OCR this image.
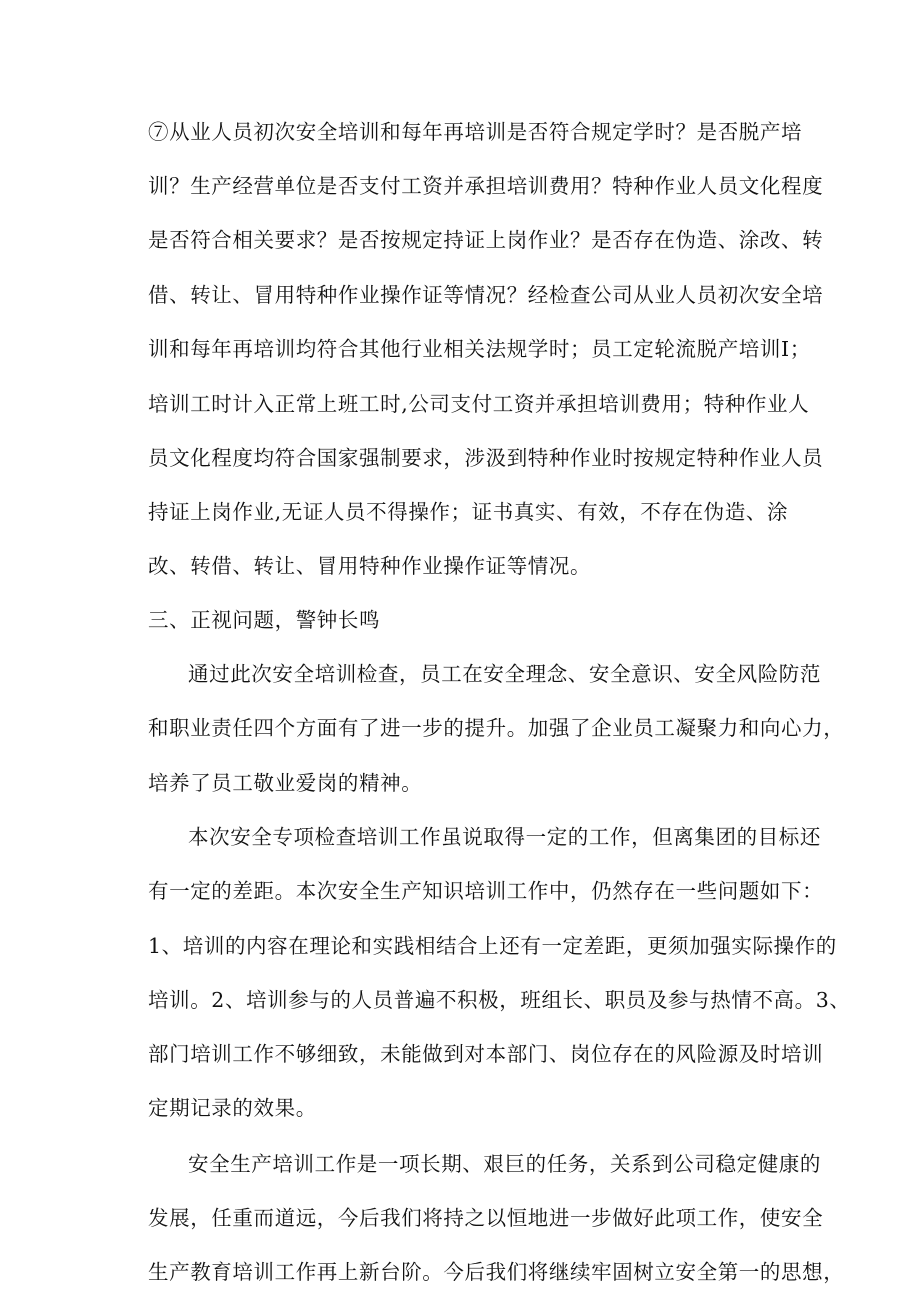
⑦从业人员初次安全培训和每年再培训是否符合规定学时？是否脱产培
训？生产经营单位是否支付工资并承担培训费用？特种作业人员文化程度
是否符合相关要求？是否按规定持证上岗作业？是否存在伪造、涂改、转
借、转让、冒用特种作业操作证等情况？经检查公司从业人员初次安全培
训和每年再培训均符合其他行业相关法规学时；员工定轮流脱产培训Ⅰ；
培训工时计入正常上班工时,公司支付工资并承担培训费用；特种作业人
员文化程度均符合国家强制要求，涉汲到特种作业时按规定特种作业人员
持证上岗作业,无证人员不得操作；证书真实、有效，不存在伪造、涂
改、转借、转让、冒用特种作业操作证等情况。
三、正视问题，警钟长鸣
通过此次安全培训检查，员工在安全理念、安全意识、安全风险防范
和职业责任四个方面有了进一步的提升。加强了企业员工凝聚力和向心力，
培养了员工敬业爱岗的精神。
本次安全专项检查培训工作虽说取得一定的工作，但离集团的目标还
有一定的差距。本次安全生产知识培训工作中，仍然存在一些问题如下：
1、培训的内容在理论和实践相结合上还有一定差距，更须加强实际操作的
培训。2、培训参与的人员普遍不积极，班组长、职员及参与热情不高。3、
部门培训工作不够细致，未能做到对本部门、岗位存在的风险源及时培训
定期记录的效果。
安全生产培训工作是一项长期、艰巨的任务，关系到公司稳定健康的
发展，任重而道远，今后我们将持之以恒地进一步做好此项工作，使安全
生产教育培训工作再上新台阶。今后我们将继续牢固树立安全第一的思想，
